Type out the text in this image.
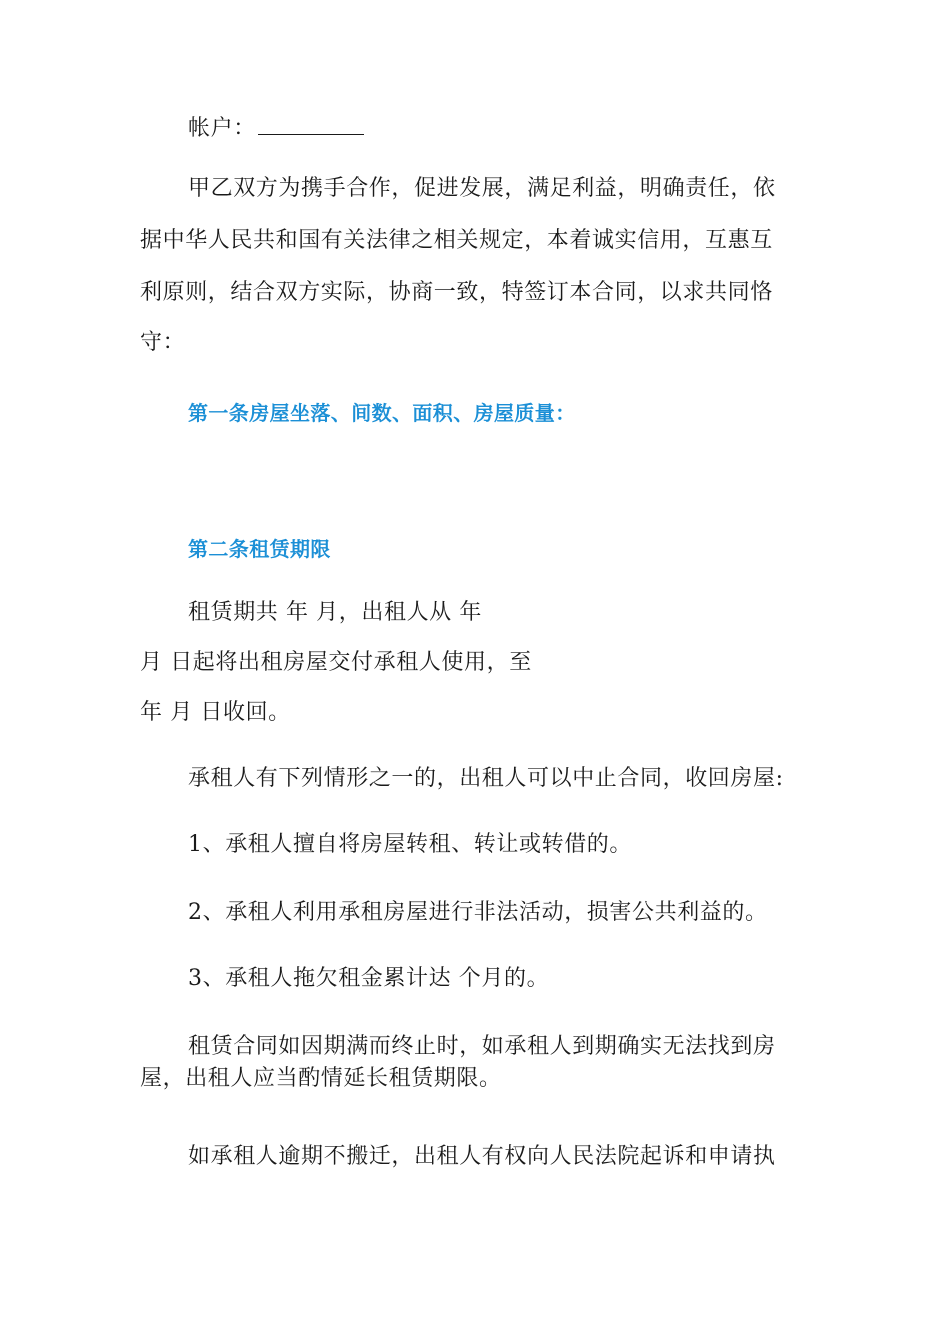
帐户：
甲乙双方为携手合作，促进发展，满足利益，明确责任，依
据中华人民共和国有关法律之相关规定，本着诚实信用，互惠互
利原则，结合双方实际，协商一致，特签订本合同，以求共同恪
守：
第一条房屋坐落、间数、面积、房屋质量：
第二条租赁期限
租赁期共 年 月，出租人从 年
月 日起将出租房屋交付承租人使用，至
年 月 日收回。
承租人有下列情形之一的，出租人可以中止合同，收回房屋:
1、承租人擅自将房屋转租、转让或转借的。
2、承租人利用承租房屋进行非法活动，损害公共利益的。
3、承租人拖欠租金累计达 个月的。
租赁合同如因期满而终止时，如承租人到期确实无法找到房
屋，出租人应当酌情延长租赁期限。
如承租人逾期不搬迁，出租人有权向人民法院起诉和申请执
